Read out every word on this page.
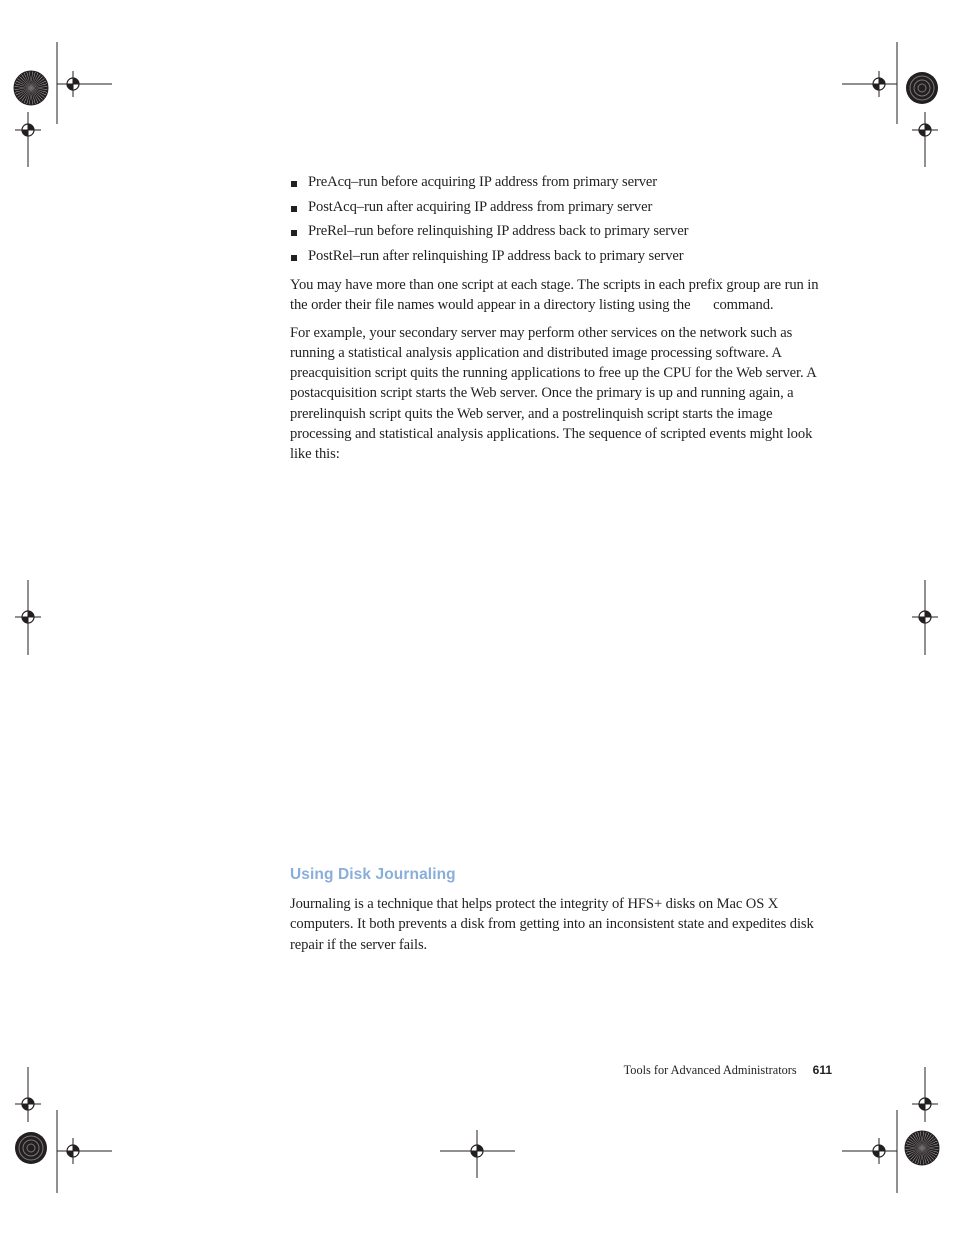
PreAcq–run before acquiring IP address from primary server
PostAcq–run after acquiring IP address from primary server
PreRel–run before relinquishing IP address back to primary server
PostRel–run after relinquishing IP address back to primary server

You may have more than one script at each stage. The scripts in each prefix group are run in the order their file names would appear in a directory listing using the command.

For example, your secondary server may perform other services on the network such as running a statistical analysis application and distributed image processing software. A preacquisition script quits the running applications to free up the CPU for the Web server. A postacquisition script starts the Web server. Once the primary is up and running again, a prerelinquish script quits the Web server, and a postrelinquish script starts the image processing and statistical analysis applications. The sequence of scripted events might look like this:

Using Disk Journaling

Journaling is a technique that helps protect the integrity of HFS+ disks on Mac OS X computers. It both prevents a disk from getting into an inconsistent state and expedites disk repair if the server fails.

Tools for Advanced Administrators 611
